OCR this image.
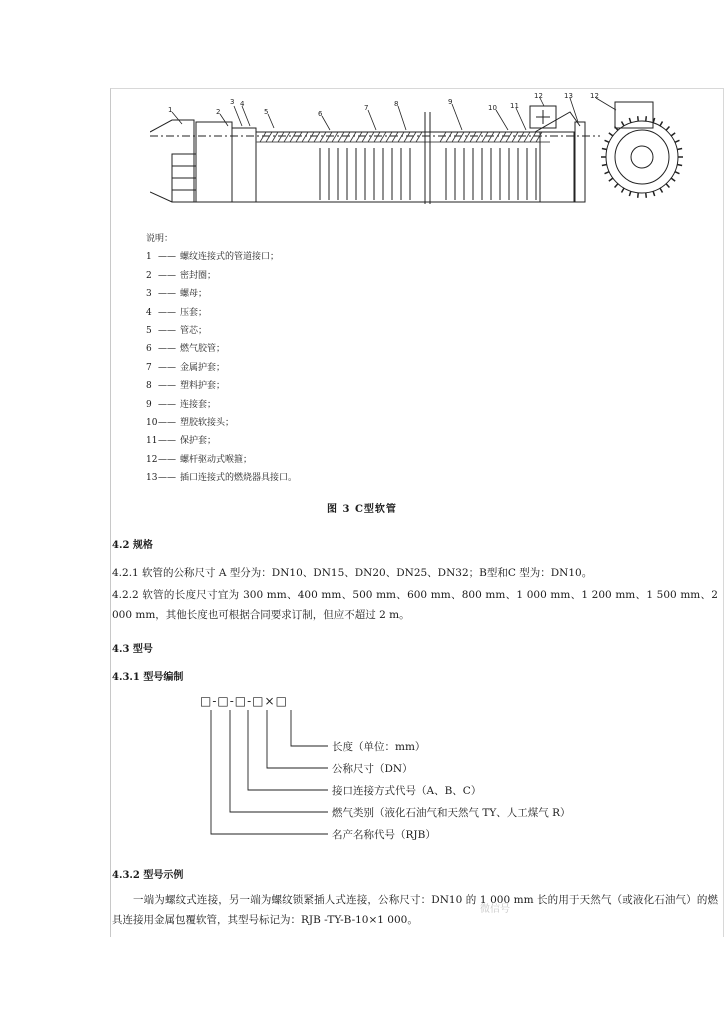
1	2
3 4
5	6
7	8	9
10 11
12	13 12
说明：
1 —— 螺纹连接式的管道接口；
2 —— 密封圈；
3 —— 螺母；
4 —— 压套；
5 —— 管芯；
6 —— 燃气胶管；
7 —— 金属护套；
8 —— 塑料护套；
9 —— 连接套；
10 —— 塑胶软接头；
11 —— 保护套；
12 —— 螺杆驱动式喉箍；
13 —— 插口连接式的燃烧器具接口。
图 3 C型软管
4.2 规格
4.2.1 软管的公称尺寸 A 型分为：DN10、DN15、DN20、DN25、DN32；B型和C 型为：DN10。
4.2.2 软管的长度尺寸宜为 300 mm、400 mm、500 mm、600 mm、800 mm、1 000 mm、1 200 mm、1 500 mm、2 000 mm，其他长度也可根据合同要求订制，但应不超过 2 m。
4.3 型号
4.3.1 型号编制
□-□-□-□×□
长度（单位：mm）
公称尺寸（DN）
接口连接方式代号（A、B、C）
燃气类别（液化石油气和天然气 TY、人工煤气 R）
名产名称代号（RJB）
4.3.2 型号示例
一端为螺纹式连接，另一端为螺纹锁紧插人式连接，公称尺寸：DN10 的 1 000 mm 长的用于天然气（或液化石油气）的燃具连接用金属包覆软管，其型号标记为：RJB -TY-B-10×1 000。
微信号
